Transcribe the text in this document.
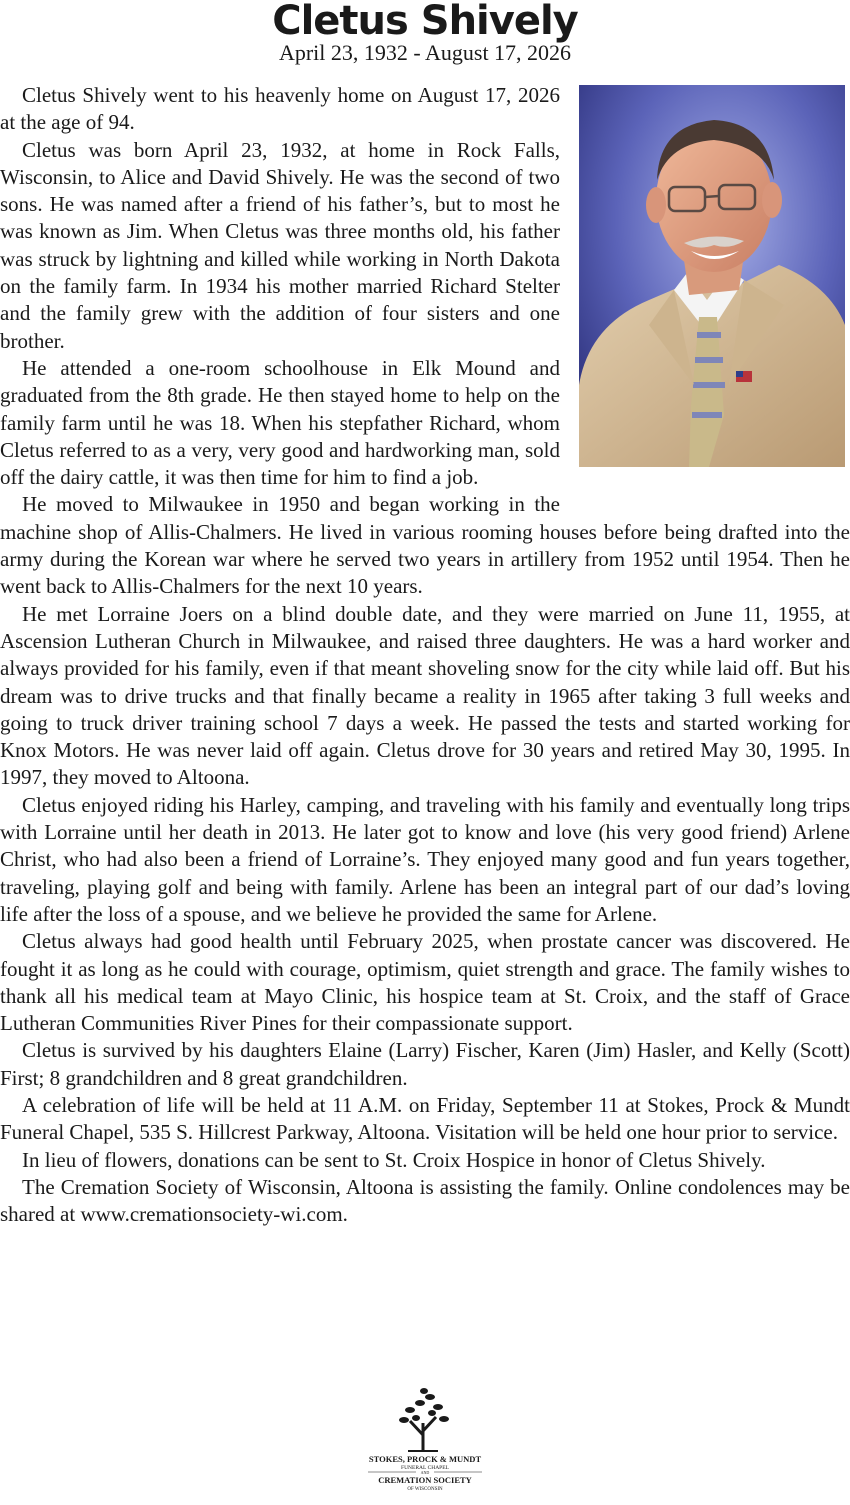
Cletus Shively
April 23, 1932 - August 17, 2026

Cletus Shively went to his heavenly home on August 17, 2026 at the age of 94.

Cletus was born April 23, 1932, at home in Rock Falls, Wisconsin, to Alice and David Shively. He was the second of two sons. He was named after a friend of his father’s, but to most he was known as Jim. When Cletus was three months old, his father was struck by lightning and killed while working in North Dakota on the family farm. In 1934 his mother married Richard Stelter and the family grew with the addition of four sisters and one brother.

He attended a one-room schoolhouse in Elk Mound and graduated from the 8th grade. He then stayed home to help on the family farm until he was 18. When his stepfather Richard, whom Cletus referred to as a very, very good and hardworking man, sold off the dairy cattle, it was then time for him to find a job.

He moved to Milwaukee in 1950 and began working in the machine shop of Allis-Chalmers. He lived in various rooming houses before being drafted into the army during the Korean war where he served two years in artillery from 1952 until 1954. Then he went back to Allis-Chalmers for the next 10 years.

He met Lorraine Joers on a blind double date, and they were married on June 11, 1955, at Ascension Lutheran Church in Milwaukee, and raised three daughters. He was a hard worker and always provided for his family, even if that meant shoveling snow for the city while laid off. But his dream was to drive trucks and that finally became a reality in 1965 after taking 3 full weeks and going to truck driver training school 7 days a week. He passed the tests and started working for Knox Motors. He was never laid off again. Cletus drove for 30 years and retired May 30, 1995. In 1997, they moved to Altoona.

Cletus enjoyed riding his Harley, camping, and traveling with his family and eventually long trips with Lorraine until her death in 2013. He later got to know and love (his very good friend) Arlene Christ, who had also been a friend of Lorraine’s. They enjoyed many good and fun years together, traveling, playing golf and being with family. Arlene has been an integral part of our dad’s loving life after the loss of a spouse, and we believe he provided the same for Arlene.

Cletus always had good health until February 2025, when prostate cancer was discovered. He fought it as long as he could with courage, optimism, quiet strength and grace. The family wishes to thank all his medical team at Mayo Clinic, his hospice team at St. Croix, and the staff of Grace Lutheran Communities River Pines for their compassionate support.

Cletus is survived by his daughters Elaine (Larry) Fischer, Karen (Jim) Hasler, and Kelly (Scott) First; 8 grandchildren and 8 great grandchildren.

A celebration of life will be held at 11 A.M. on Friday, September 11 at Stokes, Prock & Mundt Funeral Chapel, 535 S. Hillcrest Parkway, Altoona. Visitation will be held one hour prior to service.

In lieu of flowers, donations can be sent to St. Croix Hospice in honor of Cletus Shively.

The Cremation Society of Wisconsin, Altoona is assisting the family. Online condolences may be shared at www.cremationsociety-wi.com.

STOKES, PROCK & MUNDT
FUNERAL CHAPEL
AND
CREMATION SOCIETY
OF WISCONSIN
